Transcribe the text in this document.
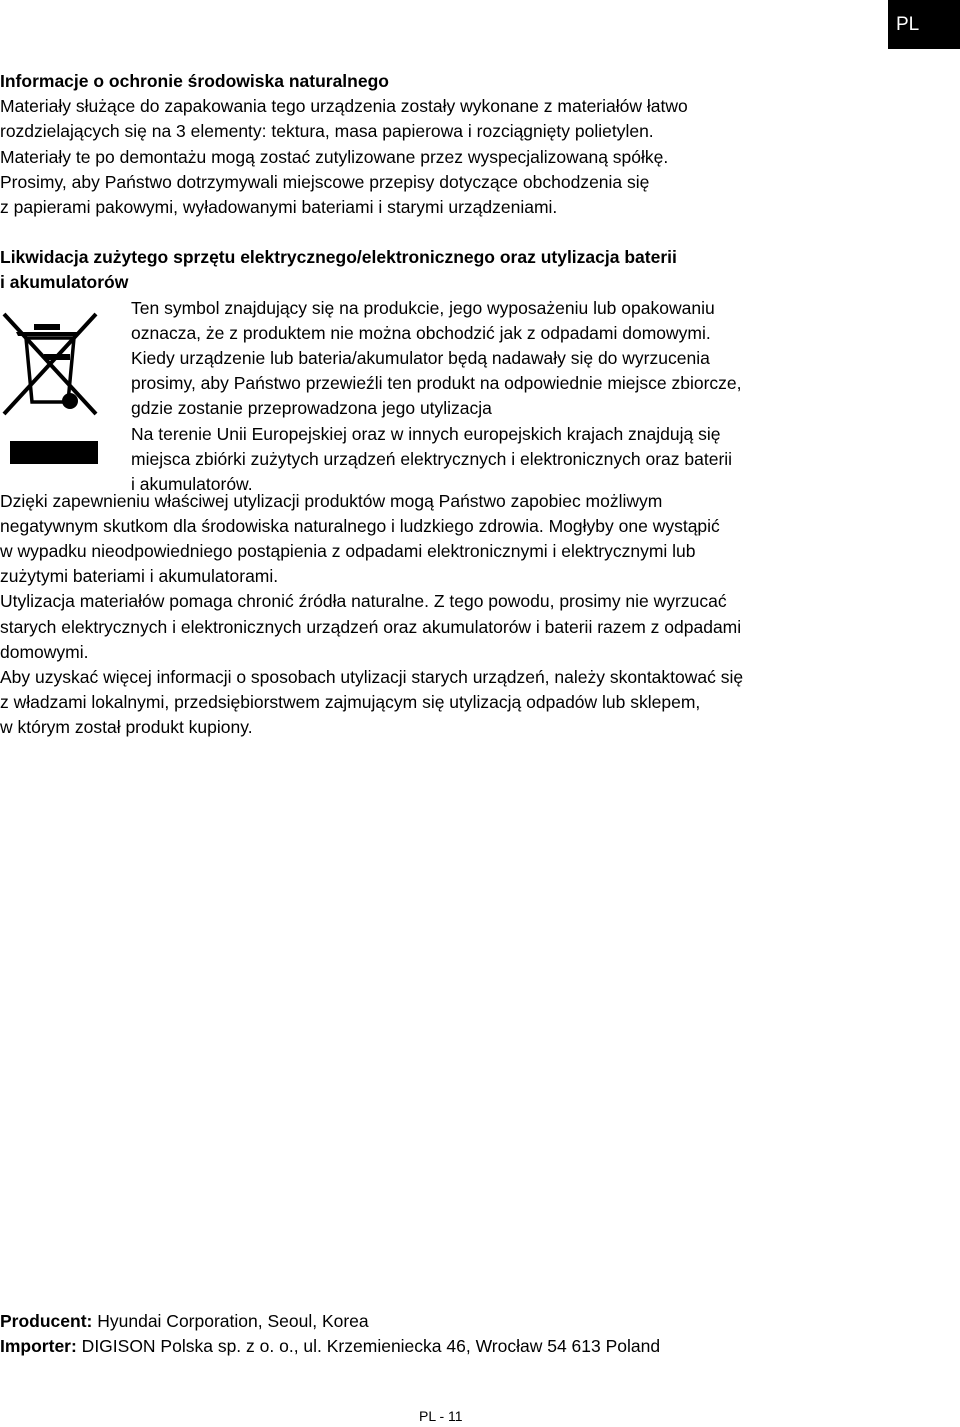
PL
Informacje o ochronie środowiska naturalnego
Materiały służące do zapakowania tego urządzenia zostały wykonane z materiałów łatwo
rozdzielających się na 3 elementy: tektura, masa papierowa i rozciągnięty polietylen.
Materiały te po demontażu mogą zostać zutylizowane przez wyspecjalizowaną spółkę.
Prosimy, aby Państwo dotrzymywali miejscowe przepisy dotyczące obchodzenia się
z papierami pakowymi, wyładowanymi bateriami i starymi urządzeniami.
Likwidacja zużytego sprzętu elektrycznego/elektronicznego oraz utylizacja baterii
i akumulatorów
Ten symbol znajdujący się na produkcie, jego wyposażeniu lub opakowaniu
oznacza, że z produktem nie można obchodzić jak z odpadami domowymi.
Kiedy urządzenie lub bateria/akumulator będą nadawały się do wyrzucenia
prosimy, aby Państwo przewieźli ten produkt na odpowiednie miejsce zbiorcze,
gdzie zostanie przeprowadzona jego utylizacja
Na terenie Unii Europejskiej oraz w innych europejskich krajach znajdują się
miejsca zbiórki zużytych urządzeń elektrycznych i elektronicznych oraz baterii
i akumulatorów.
Dzięki zapewnieniu właściwej utylizacji produktów mogą Państwo zapobiec możliwym
negatywnym skutkom dla środowiska naturalnego i ludzkiego zdrowia. Mogłyby one wystąpić
w wypadku nieodpowiedniego postąpienia z odpadami elektronicznymi i elektrycznymi lub
zużytymi bateriami i akumulatorami.
Utylizacja materiałów pomaga chronić źródła naturalne. Z tego powodu, prosimy nie wyrzucać
starych elektrycznych i elektronicznych urządzeń oraz akumulatorów i baterii razem z odpadami
domowymi.
Aby uzyskać więcej informacji o sposobach utylizacji starych urządzeń, należy skontaktować się
z władzami lokalnymi, przedsiębiorstwem zajmującym się utylizacją odpadów lub sklepem,
w którym został produkt kupiony.
Producent: Hyundai Corporation, Seoul, Korea
Importer: DIGISON Polska sp. z o. o., ul. Krzemieniecka 46, Wrocław 54 613 Poland
PL - 11
